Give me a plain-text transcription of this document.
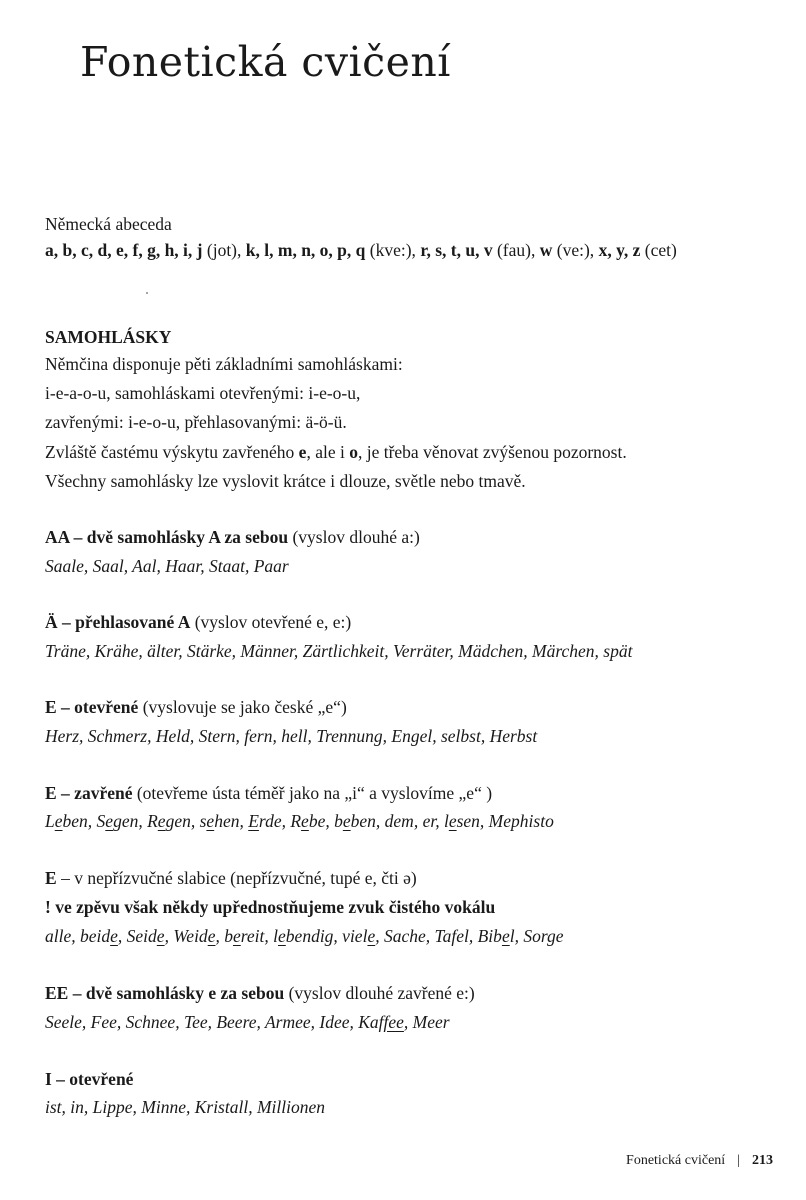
Fonetická cvičení
Německá abeceda
a, b, c, d, e, f, g, h, i, j (jot), k, l, m, n, o, p, q (kve:), r, s, t, u, v (fau), w (ve:), x, y, z (cet)
SAMOHLÁSKY
Němčina disponuje pěti základními samohláskami:
i-e-a-o-u, samohláskami otevřenými: i-e-o-u,
zavřenými: i-e-o-u, přehlasovanými: ä-ö-ü.
Zvláště častému výskytu zavřeného e, ale i o, je třeba věnovat zvýšenou pozornost.
Všechny samohlásky lze vyslovit krátce i dlouze, světle nebo tmavě.
AA – dvě samohlásky A za sebou (vyslov dlouhé a:)
Saale, Saal, Aal, Haar, Staat, Paar
Ä – přehlasované A (vyslov otevřené e, e:)
Träne, Krähe, älter, Stärke, Männer, Zärtlichkeit, Verräter, Mädchen, Märchen, spät
E – otevřené (vyslovuje se jako české „e“)
Herz, Schmerz, Held, Stern, fern, hell, Trennung, Engel, selbst, Herbst
E – zavřené (otevřeme ústa téměř jako na „i“ a vyslovíme „e“ )
Leben, Segen, Regen, sehen, Erde, Rebe, beben, dem, er, lesen, Mephisto
E – v nepřízvučné slabice (nepřízvučné, tupé e, čti ə)
! ve zpěvu však někdy upřednostňujeme zvuk čistého vokálu
alle, beide, Seide, Weide, bereit, lebendig, viele, Sache, Tafel, Bibel, Sorge
EE – dvě samohlásky e za sebou (vyslov dlouhé zavřené e:)
Seele, Fee, Schnee, Tee, Beere, Armee, Idee, Kaffee, Meer
I – otevřené
ist, in, Lippe, Minne, Kristall, Millionen
Fonetická cvičení | 213
